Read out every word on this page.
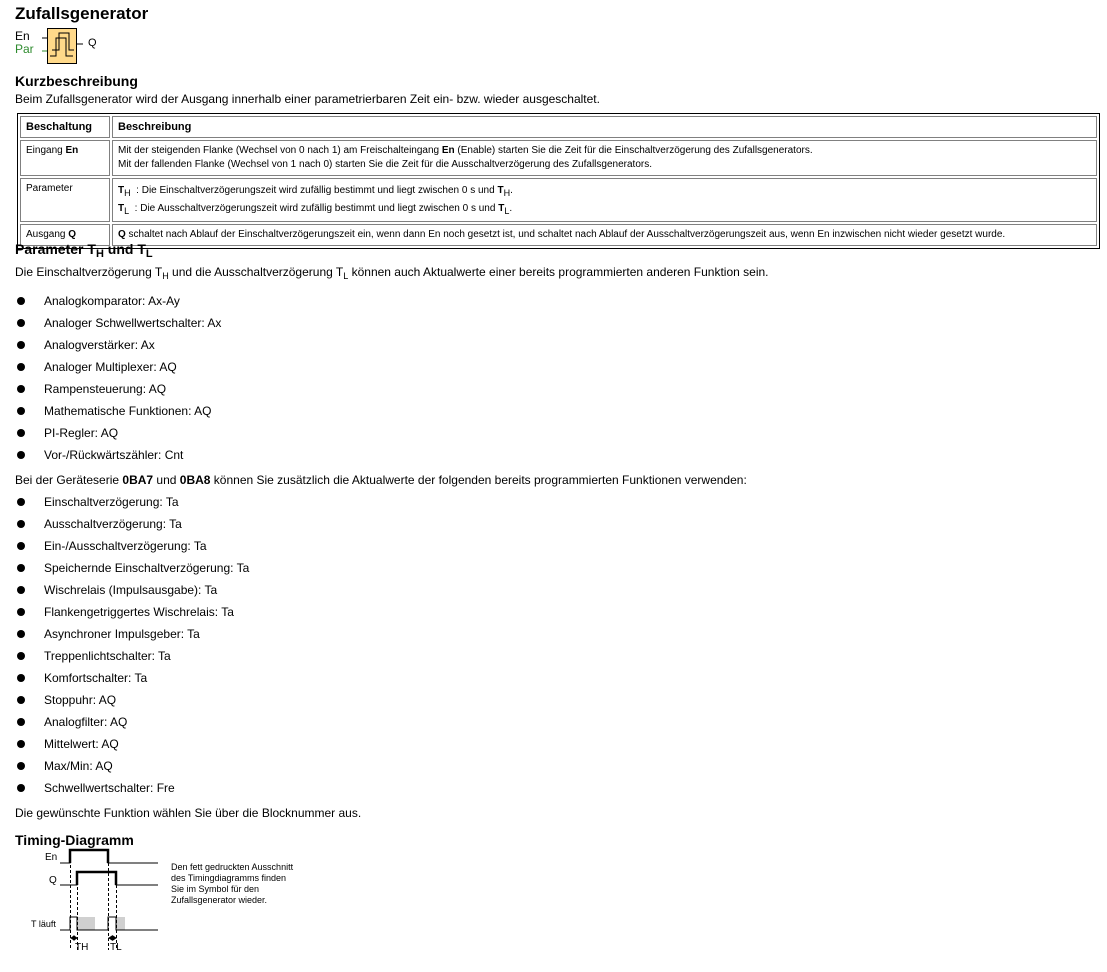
Zufallsgenerator
En
Par	Q
Kurzbeschreibung
Beim Zufallsgenerator wird der Ausgang innerhalb einer parametrierbaren Zeit ein- bzw. wieder ausgeschaltet.
Beschaltung	Beschreibung
Eingang En	Mit der steigenden Flanke (Wechsel von 0 nach 1) am Freischalteingang En (Enable) starten Sie die Zeit für die Einschaltverzögerung des Zufallsgenerators.
Mit der fallenden Flanke (Wechsel von 1 nach 0) starten Sie die Zeit für die Ausschaltverzögerung des Zufallsgenerators.

Parameter	$T_H$  : Die Einschaltverzögerungszeit wird zufällig bestimmt und liegt zwischen 0 s und $T_H$.
$T_L$  : Die Ausschaltverzögerungszeit wird zufällig bestimmt und liegt zwischen 0 s und $T_L$.

Ausgang Q	Q schaltet nach Ablauf der Einschaltverzögerungszeit ein, wenn dann En noch gesetzt ist, und schaltet nach Ablauf der Ausschaltverzögerungszeit aus, wenn En inzwischen nicht wieder gesetzt wurde.
Parameter $T_H$ und $T_L$
Die Einschaltverzögerung $T_H$ und die Ausschaltverzögerung $T_L$ können auch Aktualwerte einer bereits programmierten anderen Funktion sein.
Analogkomparator: Ax-Ay
Analoger Schwellwertschalter: Ax
Analogverstärker: Ax
Analoger Multiplexer: AQ
Rampensteuerung: AQ
Mathematische Funktionen: AQ
PI-Regler: AQ
Vor-/Rückwärtszähler: Cnt
Bei der Geräteserie 0BA7 und 0BA8 können Sie zusätzlich die Aktualwerte der folgenden bereits programmierten Funktionen verwenden:
Einschaltverzögerung: Ta
Ausschaltverzögerung: Ta
Ein-/Ausschaltverzögerung: Ta
Speichernde Einschaltverzögerung: Ta
Wischrelais (Impulsausgabe): Ta
Flankengetriggertes Wischrelais: Ta
Asynchroner Impulsgeber: Ta
Treppenlichtschalter: Ta
Komfortschalter: Ta
Stoppuhr: AQ
Analogfilter: AQ
Mittelwert: AQ
Max/Min: AQ
Schwellwertschalter: Fre
Die gewünschte Funktion wählen Sie über die Blocknummer aus.
Timing-Diagramm
En
Q
T läuft
TH TL
Den fett gedruckten Ausschnitt
des Timingdiagramms finden
Sie im Symbol für den
Zufallsgenerator wieder.
